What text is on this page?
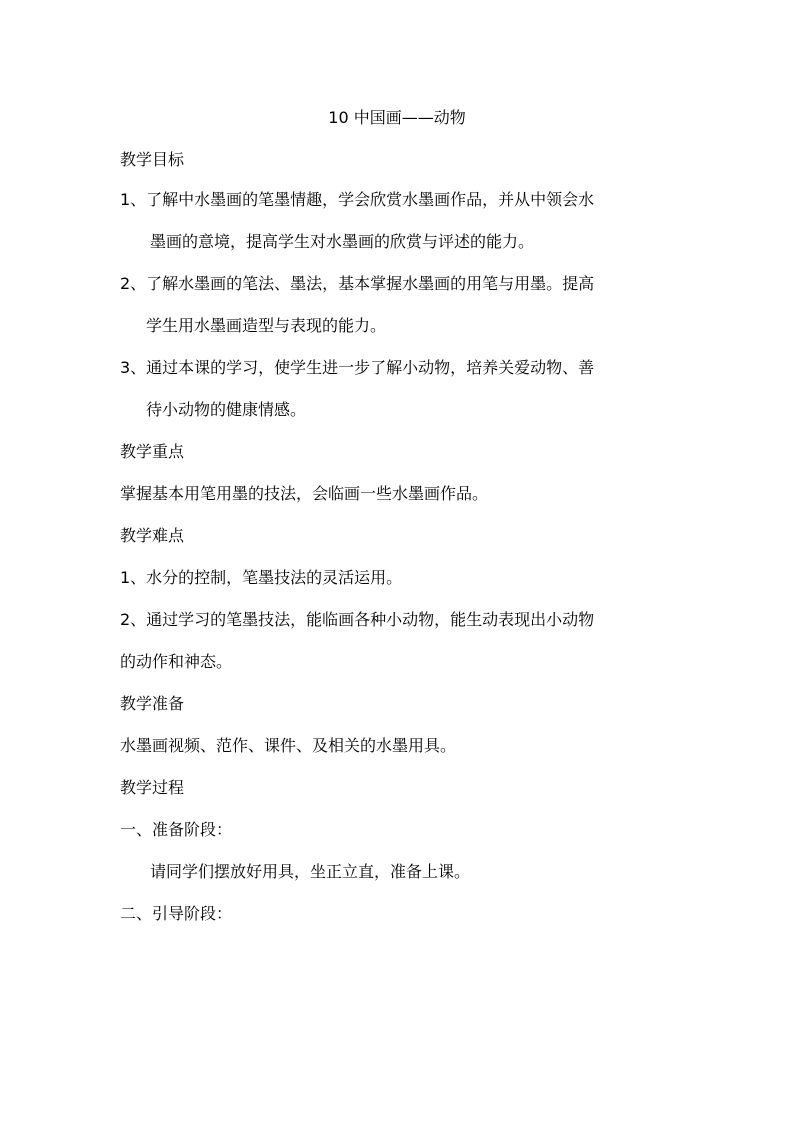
10 中国画——动物
教学目标
1、了解中水墨画的笔墨情趣，学会欣赏水墨画作品，并从中领会水
墨画的意境，提高学生对水墨画的欣赏与评述的能力。
2、了解水墨画的笔法、墨法，基本掌握水墨画的用笔与用墨。提高
学生用水墨画造型与表现的能力。
3、通过本课的学习，使学生进一步了解小动物，培养关爱动物、善
待小动物的健康情感。
教学重点
掌握基本用笔用墨的技法，会临画一些水墨画作品。
教学难点
1、水分的控制，笔墨技法的灵活运用。
2、通过学习的笔墨技法，能临画各种小动物，能生动表现出小动物
的动作和神态。
教学准备
水墨画视频、范作、课件、及相关的水墨用具。
教学过程
一、准备阶段：
请同学们摆放好用具，坐正立直，准备上课。
二、引导阶段：
